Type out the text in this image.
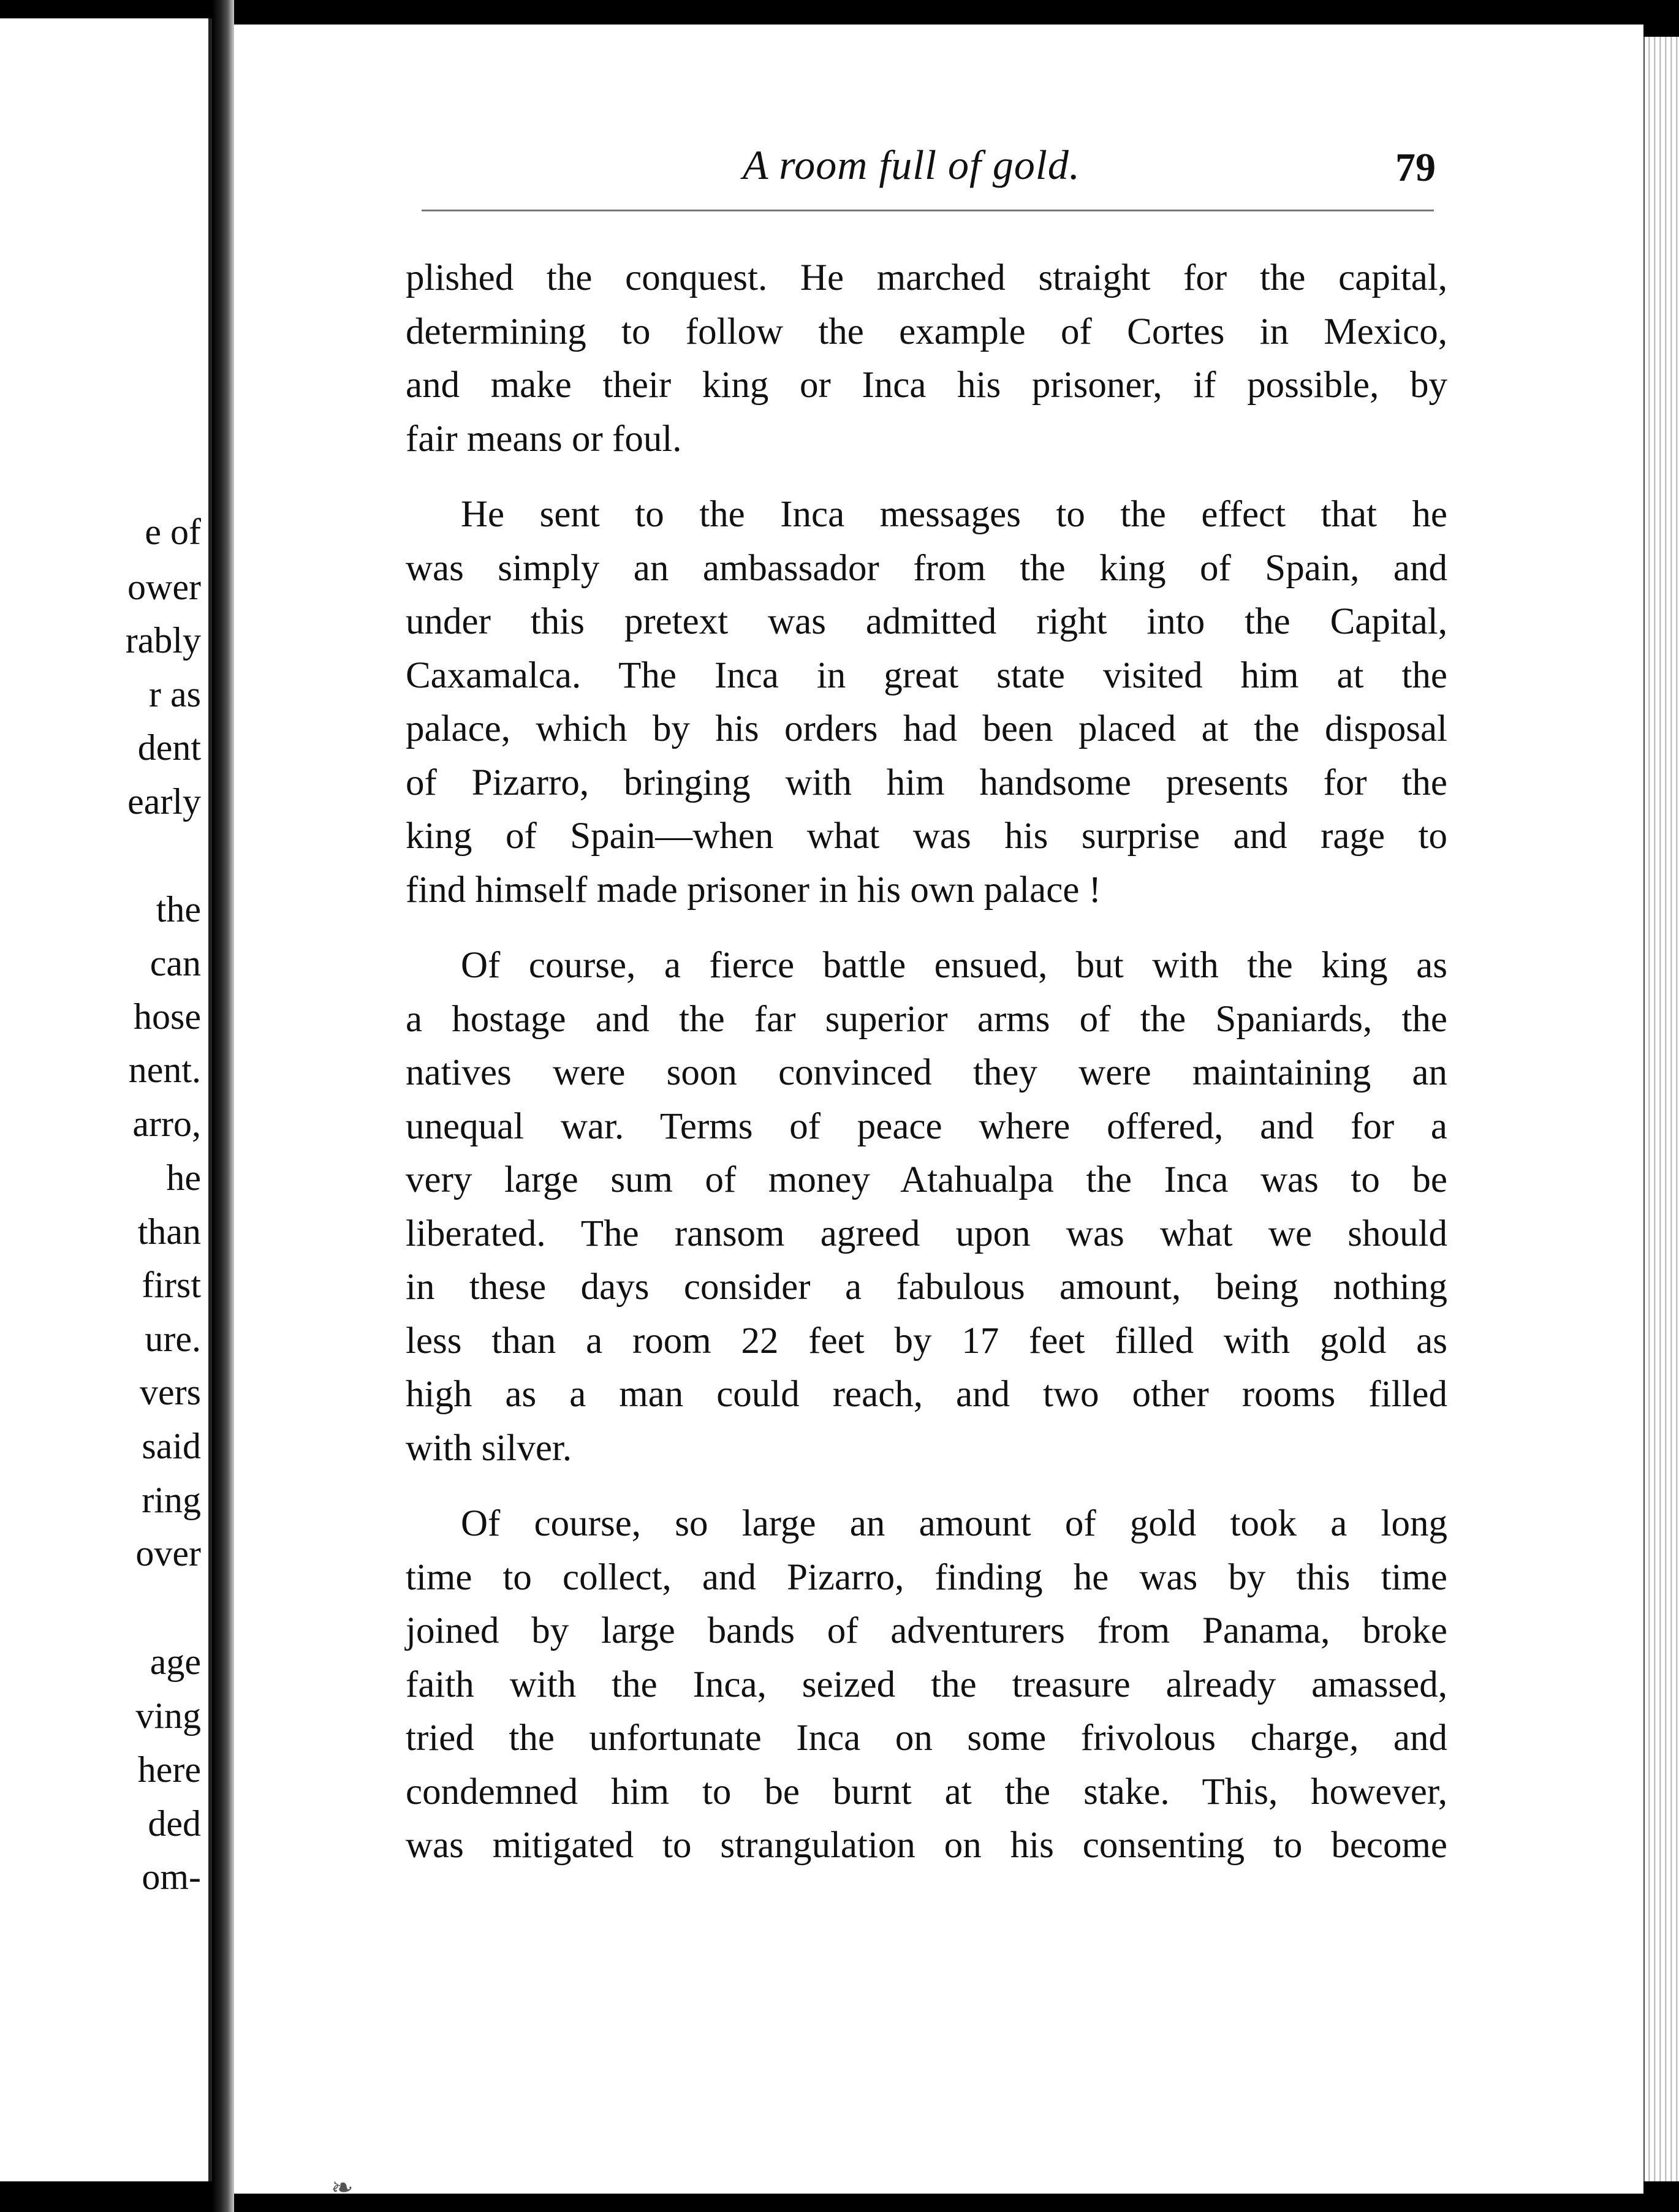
e of
ower
rably
r as
dent
early
the
can
hose
nent.
arro,
he
than
first
ure.
vers
said
ring
over
age
ving
here
ded
om-
A room full of gold.	79

plished the conquest. He marched straight for the capital,
determining to follow the example of Cortes in Mexico,
and make their king or Inca his prisoner, if possible, by
fair means or foul.

He sent to the Inca messages to the effect that he
was simply an ambassador from the king of Spain, and
under this pretext was admitted right into the Capital,
Caxamalca. The Inca in great state visited him at the
palace, which by his orders had been placed at the disposal
of Pizarro, bringing with him handsome presents for the
king of Spain—when what was his surprise and rage to
find himself made prisoner in his own palace !

Of course, a fierce battle ensued, but with the king as
a hostage and the far superior arms of the Spaniards, the
natives were soon convinced they were maintaining an
unequal war. Terms of peace where offered, and for a
very large sum of money Atahualpa the Inca was to be
liberated. The ransom agreed upon was what we should
in these days consider a fabulous amount, being nothing
less than a room 22 feet by 17 feet filled with gold as
high as a man could reach, and two other rooms filled
with silver.

Of course, so large an amount of gold took a long
time to collect, and Pizarro, finding he was by this time
joined by large bands of adventurers from Panama, broke
faith with the Inca, seized the treasure already amassed,
tried the unfortunate Inca on some frivolous charge, and
condemned him to be burnt at the stake. This, however,
was mitigated to strangulation on his consenting to become

❧
